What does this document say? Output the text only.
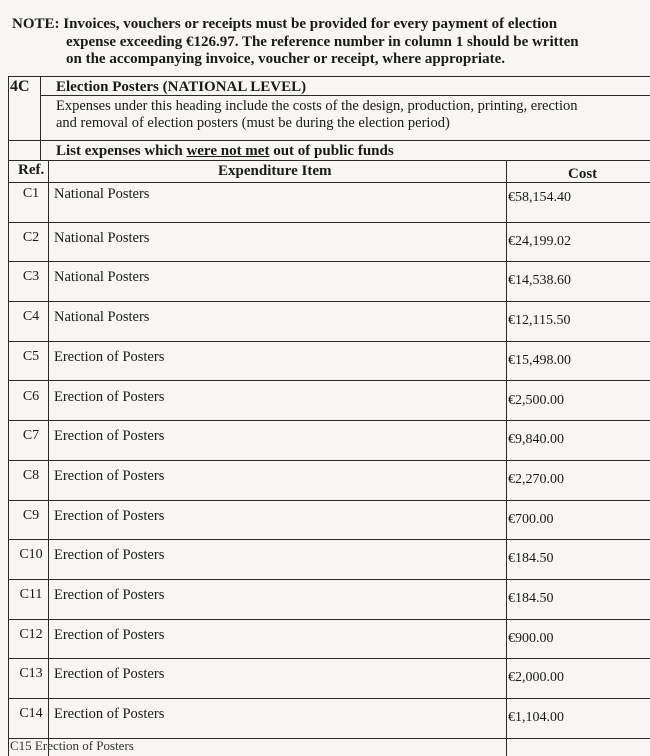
NOTE: Invoices, vouchers or receipts must be provided for every payment of election
expense exceeding €126.97. The reference number in column 1 should be written
on the accompanying invoice, voucher or receipt, where appropriate.
4C Election Posters (NATIONAL LEVEL)
Expenses under this heading include the costs of the design, production, printing, erection
and removal of election posters (must be during the election period)
List expenses which were not met out of public funds
Ref.	Expenditure Item	Cost
C1	National Posters	€58,154.40
C2	National Posters	€24,199.02
C3	National Posters	€14,538.60
C4	National Posters	€12,115.50
C5	Erection of Posters	€15,498.00
C6	Erection of Posters	€2,500.00
C7	Erection of Posters	€9,840.00
C8	Erection of Posters	€2,270.00
C9	Erection of Posters	€700.00
C10 Erection of Posters	€184.50
C11 Erection of Posters	€184.50
C12 Erection of Posters	€900.00
C13 Erection of Posters	€2,000.00
C14 Erection of Posters	€1,104.00
C15 Erection of Posters
